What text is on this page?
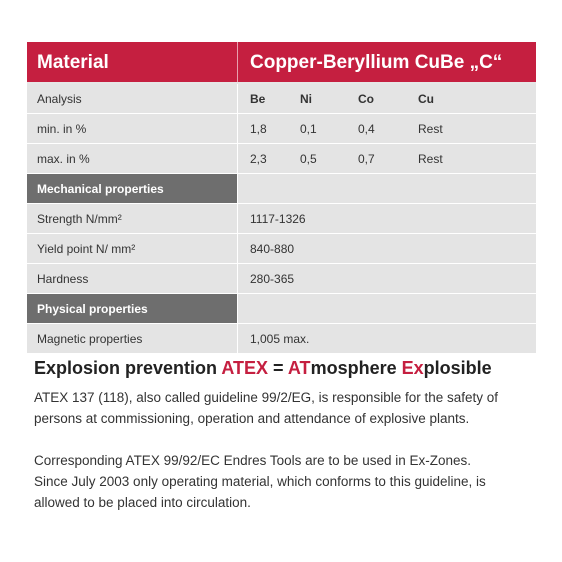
Material	Copper-Beryllium CuBe „C“
Analysis	Be	Ni	Co	Cu
min. in %	1,8	0,1	0,4	Rest
max. in %	2,3	0,5	0,7	Rest
Mechanical properties
Strength N/mm²	1117-1326
Yield point N/ mm²	840-880
Hardness	280-365
Physical properties
Magnetic properties	1,005 max.
Explosion prevention ATEX = ATmosphere Explosible

ATEX 137 (118), also called guideline 99/2/EG, is responsible for the safety of
persons at commissioning, operation and attendance of explosive plants.

Corresponding ATEX 99/92/EC Endres Tools are to be used in Ex-Zones.
Since July 2003 only operating material, which conforms to this guideline, is
allowed to be placed into circulation.
